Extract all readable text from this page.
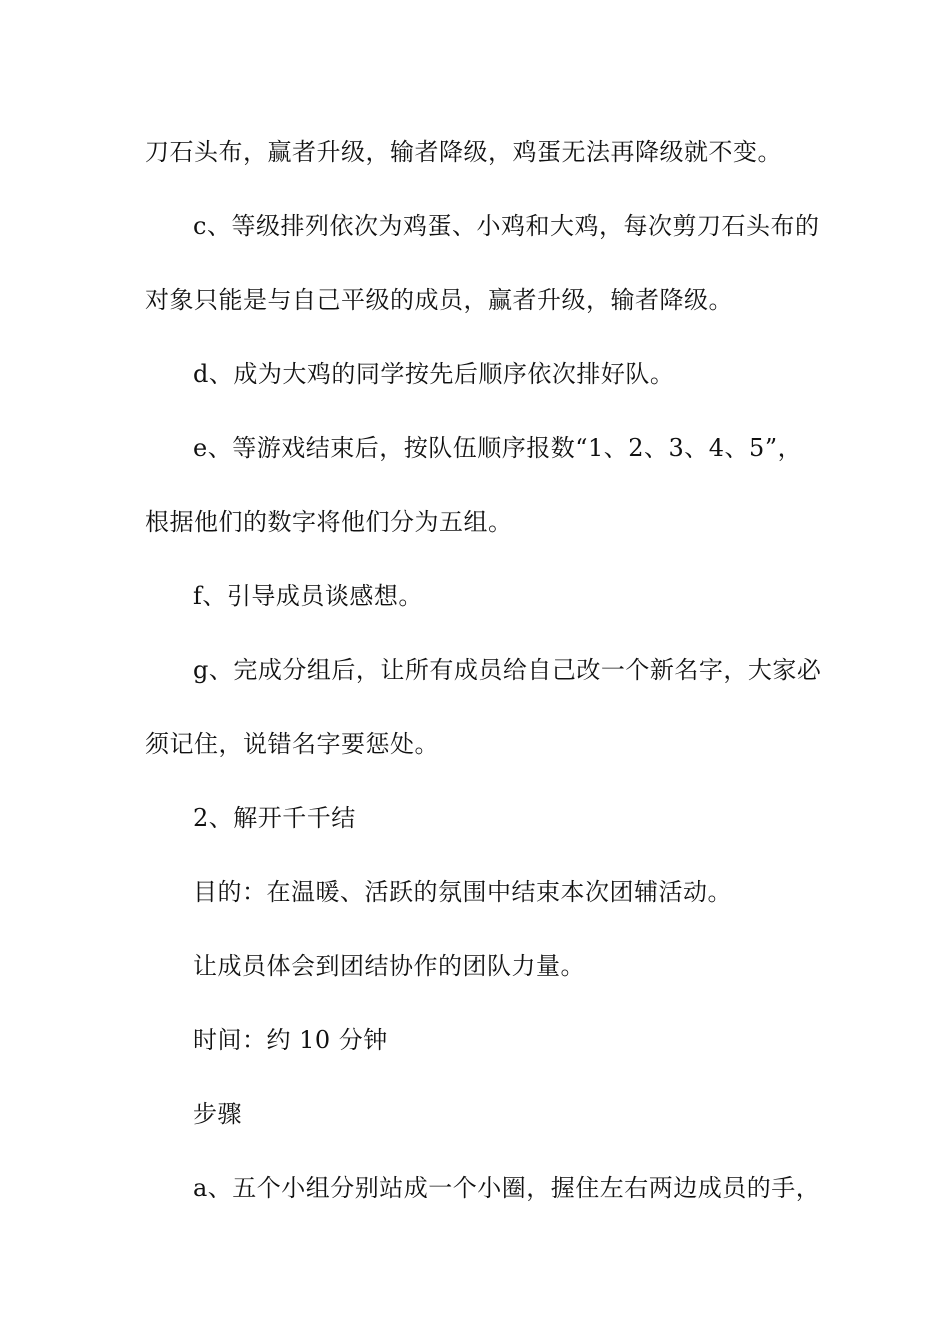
刀石头布，赢者升级，输者降级，鸡蛋无法再降级就不变。
c、等级排列依次为鸡蛋、小鸡和大鸡，每次剪刀石头布的
对象只能是与自己平级的成员，赢者升级，输者降级。
d、成为大鸡的同学按先后顺序依次排好队。
e、等游戏结束后，按队伍顺序报数“1、2、3、4、5”，
根据他们的数字将他们分为五组。
f、引导成员谈感想。
g、完成分组后，让所有成员给自己改一个新名字，大家必
须记住，说错名字要惩处。
2、解开千千结
目的：在温暖、活跃的氛围中结束本次团辅活动。
让成员体会到团结协作的团队力量。
时间：约 10 分钟
步骤
a、五个小组分别站成一个小圈，握住左右两边成员的手，
